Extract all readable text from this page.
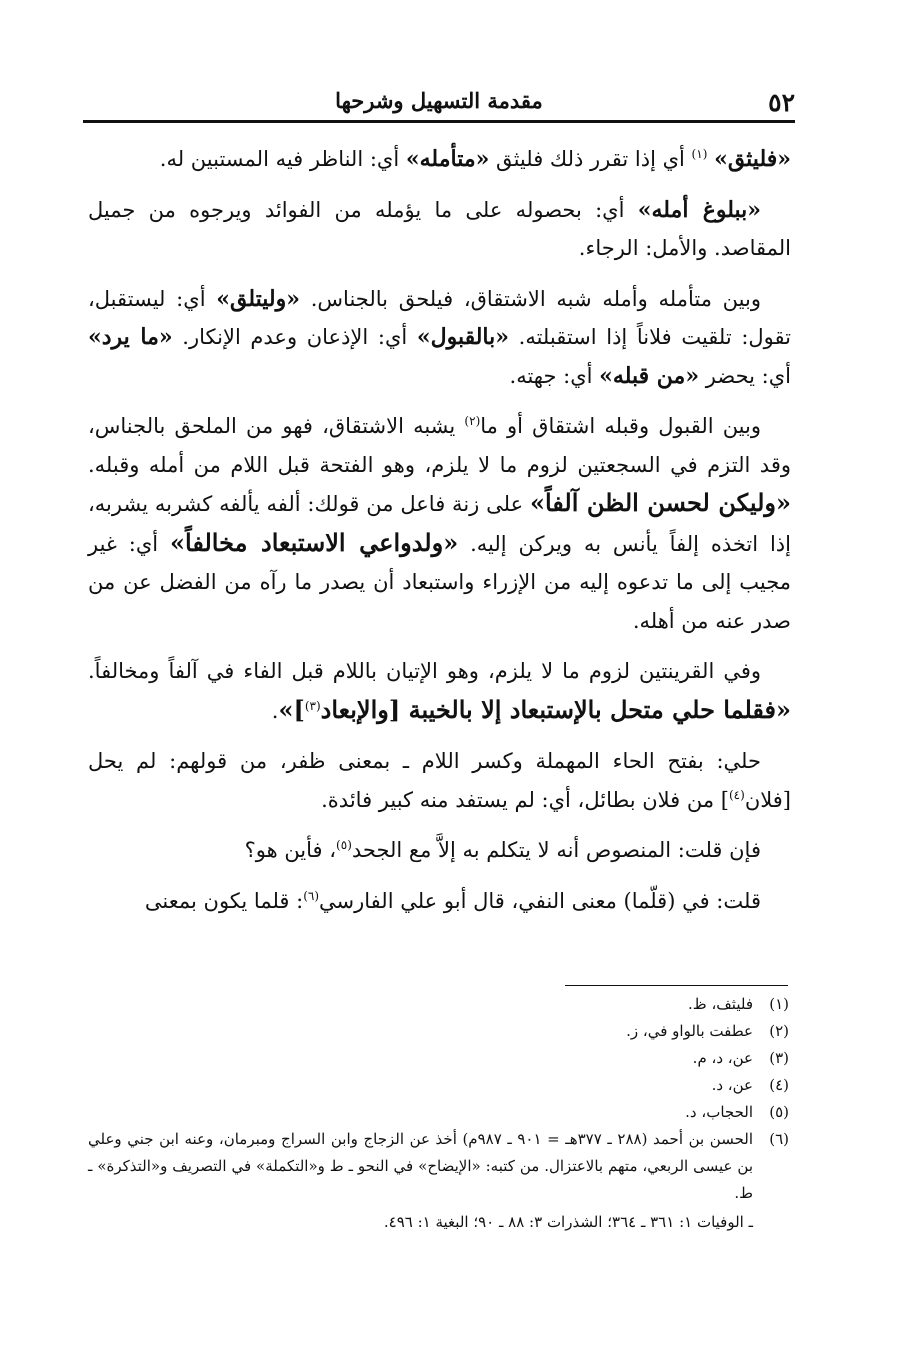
٥٢
مقدمة التسهيل وشرحها

«فليثق» $^{(١)}$ أي إذا تقرر ذلك فليثق «متأمله» أي: الناظر فيه المستبين له.

«ببلوغ أمله» أي: بحصوله على ما يؤمله من الفوائد ويرجوه من جميل المقاصد. والأمل: الرجاء.

وبين متأمله وأمله شبه الاشتقاق، فيلحق بالجناس. «وليتلق» أي: ليستقبل، تقول: تلقيت فلاناً إذا استقبلته. «بالقبول» أي: الإذعان وعدم الإنكار. «ما يرد» أي: يحضر «من قبله» أي: جهته.

وبين القبول وقبله اشتقاق أو ما$^{(٢)}$ يشبه الاشتقاق، فهو من الملحق بالجناس، وقد التزم في السجعتين لزوم ما لا يلزم، وهو الفتحة قبل اللام من أمله وقبله. «وليكن لحسن الظن آلفاً» على زنة فاعل من قولك: ألفه يألفه كشربه يشربه، إذا اتخذه إلفاً يأنس به ويركن إليه. «ولدواعي الاستبعاد مخالفاً» أي: غير مجيب إلى ما تدعوه إليه من الإزراء واستبعاد أن يصدر ما رآه من الفضل عن من صدر عنه من أهله.

وفي القرينتين لزوم ما لا يلزم، وهو الإتيان باللام قبل الفاء في آلفاً ومخالفاً. «فقلما حلي متحل بالإستبعاد إلا بالخيبة [والإبعاد$^{(٣)}$]».

حلي: بفتح الحاء المهملة وكسر اللام ـ بمعنى ظفر، من قولهم: لم يحل [فلان$^{(٤)}$] من فلان بطائل، أي: لم يستفد منه كبير فائدة.

فإن قلت: المنصوص أنه لا يتكلم به إلاَّ مع الجحد$^{(٥)}$، فأين هو؟

قلت: في (قلّما) معنى النفي، قال أبو علي الفارسي$^{(٦)}$: قلما يكون بمعنى

(١)
فليثف، ظ.
(٢)
عطفت بالواو في، ز.
(٣)
عن، د، م.
(٤)
عن، د.
(٥)
الحجاب، د.
(٦)
الحسن بن أحمد (٢٨٨ ـ ٣٧٧هـ = ٩٠١ ـ ٩٨٧م) أخذ عن الزجاج وابن السراج ومبرمان، وعنه ابن جني وعلي بن عيسى الربعي، متهم بالاعتزال. من كتبه: «الإيضاح» في النحو ـ ط و«التكملة» في التصريف و«التذكرة» ـ ط.
ـ الوفيات ١: ٣٦١ ـ ٣٦٤؛ الشذرات ٣: ٨٨ ـ ٩٠؛ البغية ١: ٤٩٦.
